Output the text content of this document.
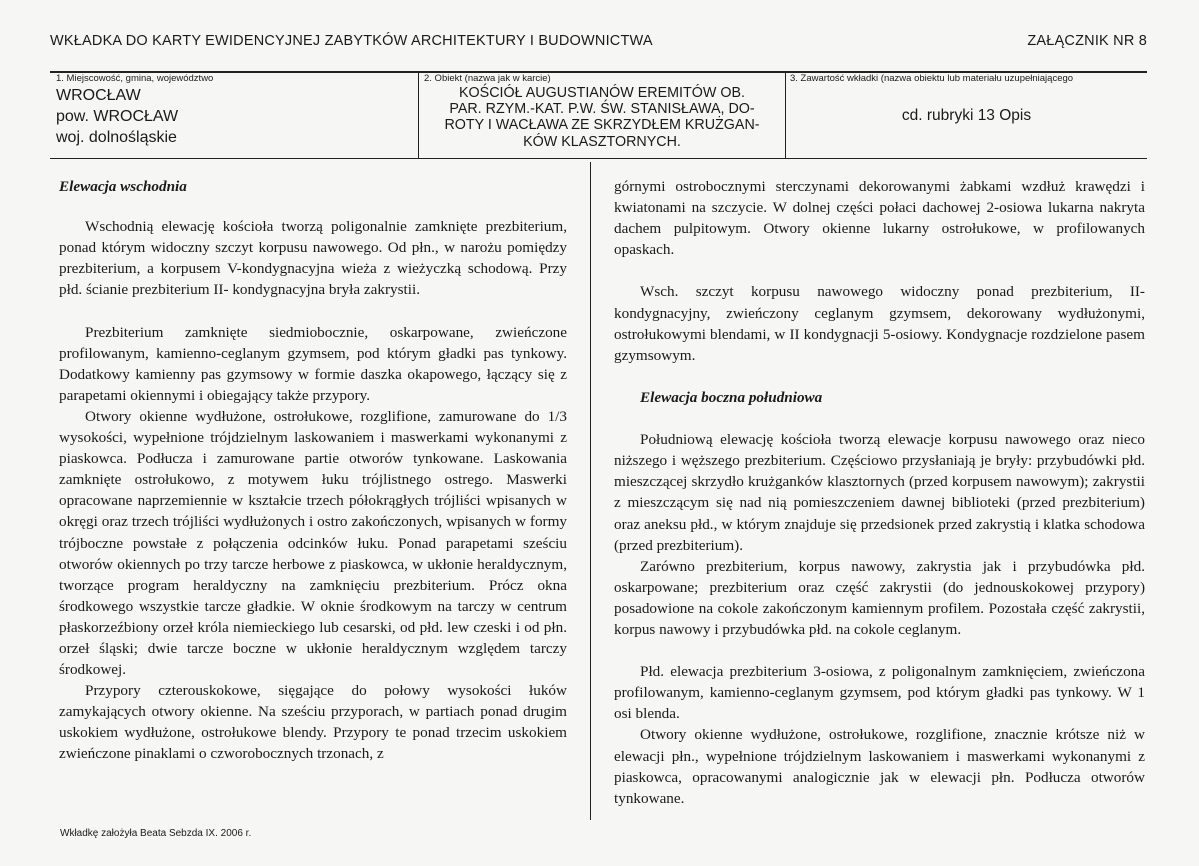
WKŁADKA DO KARTY EWIDENCYJNEJ ZABYTKÓW ARCHITEKTURY I BUDOWNICTWA	ZAŁĄCZNIK NR 8
1. Miejscowość, gmina, województwo
WROCŁAW
pow. WROCŁAW
woj. dolnośląskie
2. Obiekt (nazwa jak w karcie)
KOŚCIÓŁ AUGUSTIANÓW EREMITÓW OB.
PAR. RZYM.-KAT. P.W. ŚW. STANISŁAWA, DO-
ROTY I WACŁAWA ZE SKRZYDŁEM KRUŻGAN-
KÓW KLASZTORNYCH.
3. Zawartość wkładki (nazwa obiektu lub materiału uzupełniającego
cd. rubryki 13 Opis
Elewacja wschodnia

Wschodnią elewację kościoła tworzą poligonalnie zamknięte prezbiterium, ponad którym widoczny szczyt korpusu nawowego. Od płn., w narożu pomiędzy prezbiterium, a korpusem V-kondygnacyjna wieża z wieżyczką schodową. Przy płd. ścianie prezbiterium II- kondygnacyjna bryła zakrystii.

Prezbiterium zamknięte siedmiobocznie, oskarpowane, zwieńczone profilowanym, kamienno-ceglanym gzymsem, pod którym gładki pas tynkowy. Dodatkowy kamienny pas gzymsowy w formie daszka okapowego, łączący się z parapetami okiennymi i obiegający także przypory.

Otwory okienne wydłużone, ostrołukowe, rozglifione, zamurowane do 1/3 wysokości, wypełnione trójdzielnym laskowaniem i maswerkami wykonanymi z piaskowca. Podłucza i zamurowane partie otworów tynkowane. Laskowania zamknięte ostrołukowo, z motywem łuku trójlistnego ostrego. Maswerki opracowane naprzemiennie w kształcie trzech półokrągłych trójliści wpisanych w okręgi oraz trzech trójliści wydłużonych i ostro zakończonych, wpisanych w formy trójboczne powstałe z połączenia odcinków łuku. Ponad parapetami sześciu otworów okiennych po trzy tarcze herbowe z piaskowca, w ukłonie heraldycznym, tworzące program heraldyczny na zamknięciu prezbiterium. Prócz okna środkowego wszystkie tarcze gładkie. W oknie środkowym na tarczy w centrum płaskorzeźbiony orzeł króla niemieckiego lub cesarski, od płd. lew czeski i od płn. orzeł śląski; dwie tarcze boczne w ukłonie heraldycznym względem tarczy środkowej.

Przypory czterouskokowe, sięgające do połowy wysokości łuków zamykających otwory okienne. Na sześciu przyporach, w partiach ponad drugim uskokiem wydłużone, ostrołukowe blendy. Przypory te ponad trzecim uskokiem zwieńczone pinaklami o czworobocznych trzonach, z

górnymi ostrobocznymi sterczynami dekorowanymi żabkami wzdłuż krawędzi i kwiatonami na szczycie. W dolnej części połaci dachowej 2-osiowa lukarna nakryta dachem pulpitowym. Otwory okienne lukarny ostrołukowe, w profilowanych opaskach.

Wsch. szczyt korpusu nawowego widoczny ponad prezbiterium, II-kondygnacyjny, zwieńczony ceglanym gzymsem, dekorowany wydłużonymi, ostrołukowymi blendami, w II kondygnacji 5-osiowy. Kondygnacje rozdzielone pasem gzymsowym.

Elewacja boczna południowa

Południową elewację kościoła tworzą elewacje korpusu nawowego oraz nieco niższego i węższego prezbiterium. Częściowo przysłaniają je bryły: przybudówki płd. mieszczącej skrzydło krużganków klasztornych (przed korpusem nawowym); zakrystii z mieszczącym się nad nią pomieszczeniem dawnej biblioteki (przed prezbiterium) oraz aneksu płd., w którym znajduje się przedsionek przed zakrystią i klatka schodowa (przed prezbiterium).

Zarówno prezbiterium, korpus nawowy, zakrystia jak i przybudówka płd. oskarpowane; prezbiterium oraz część zakrystii (do jednouskokowej przypory) posadowione na cokole zakończonym kamiennym profilem. Pozostała część zakrystii, korpus nawowy i przybudówka płd. na cokole ceglanym.

Płd. elewacja prezbiterium 3-osiowa, z poligonalnym zamknięciem, zwieńczona profilowanym, kamienno-ceglanym gzymsem, pod którym gładki pas tynkowy. W 1 osi blenda.

Otwory okienne wydłużone, ostrołukowe, rozglifione, znacznie krótsze niż w elewacji płn., wypełnione trójdzielnym laskowaniem i maswerkami wykonanymi z piaskowca, opracowanymi analogicznie jak w elewacji płn. Podłucza otworów tynkowane.

Wkładkę założyła Beata Sebzda IX. 2006 r.
